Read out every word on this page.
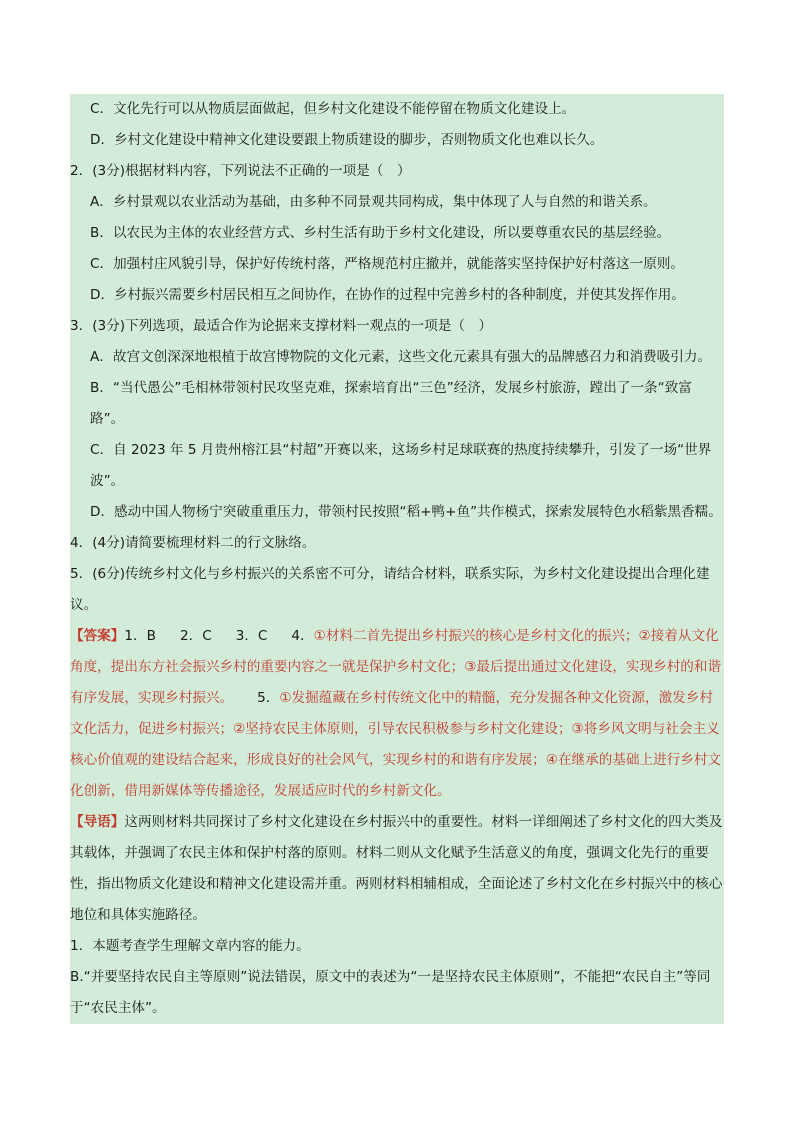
C．文化先行可以从物质层面做起，但乡村文化建设不能停留在物质文化建设上。

D．乡村文化建设中精神文化建设要跟上物质建设的脚步，否则物质文化也难以长久。

2．(3分)根据材料内容，下列说法不正确的一项是（　）

A．乡村景观以农业活动为基础，由多种不同景观共同构成，集中体现了人与自然的和谐关系。

B．以农民为主体的农业经营方式、乡村生活有助于乡村文化建设，所以要尊重农民的基层经验。

C．加强村庄风貌引导，保护好传统村落，严格规范村庄撤并，就能落实坚持保护好村落这一原则。

D．乡村振兴需要乡村居民相互之间协作，在协作的过程中完善乡村的各种制度，并使其发挥作用。

3．(3分)下列选项，最适合作为论据来支撑材料一观点的一项是（　）

A．故宫文创深深地根植于故宫博物院的文化元素，这些文化元素具有强大的品牌感召力和消费吸引力。

B．“当代愚公”毛相林带领村民攻坚克难，探索培育出“三色”经济，发展乡村旅游，蹚出了一条“致富路”。

C．自 2023 年 5 月贵州榕江县“村超”开赛以来，这场乡村足球联赛的热度持续攀升，引发了一场“世界波”。

D．感动中国人物杨宁突破重重压力，带领村民按照“稻+鸭+鱼”共作模式，探索发展特色水稻紫黑香糯。

4．(4分)请简要梳理材料二的行文脉络。

5．(6分)传统乡村文化与乡村振兴的关系密不可分，请结合材料，联系实际，为乡村文化建设提出合理化建议。

【答案】1．B 2．C 3．C 4．①材料二首先提出乡村振兴的核心是乡村文化的振兴；②接着从文化角度，提出东方社会振兴乡村的重要内容之一就是保护乡村文化；③最后提出通过文化建设，实现乡村的和谐有序发展，实现乡村振兴。 5．①发掘蕴藏在乡村传统文化中的精髓，充分发掘各种文化资源，激发乡村文化活力，促进乡村振兴；②坚持农民主体原则，引导农民积极参与乡村文化建设；③将乡风文明与社会主义核心价值观的建设结合起来，形成良好的社会风气，实现乡村的和谐有序发展；④在继承的基础上进行乡村文化创新，借用新媒体等传播途径，发展适应时代的乡村新文化。

【导语】这两则材料共同探讨了乡村文化建设在乡村振兴中的重要性。材料一详细阐述了乡村文化的四大类及其载体，并强调了农民主体和保护村落的原则。材料二则从文化赋予生活意义的角度，强调文化先行的重要性，指出物质文化建设和精神文化建设需并重。两则材料相辅相成，全面论述了乡村文化在乡村振兴中的核心地位和具体实施路径。

1．本题考查学生理解文章内容的能力。

B.“并要坚持农民自主等原则”说法错误，原文中的表述为“一是坚持农民主体原则”，不能把“农民自主”等同于“农民主体”。
